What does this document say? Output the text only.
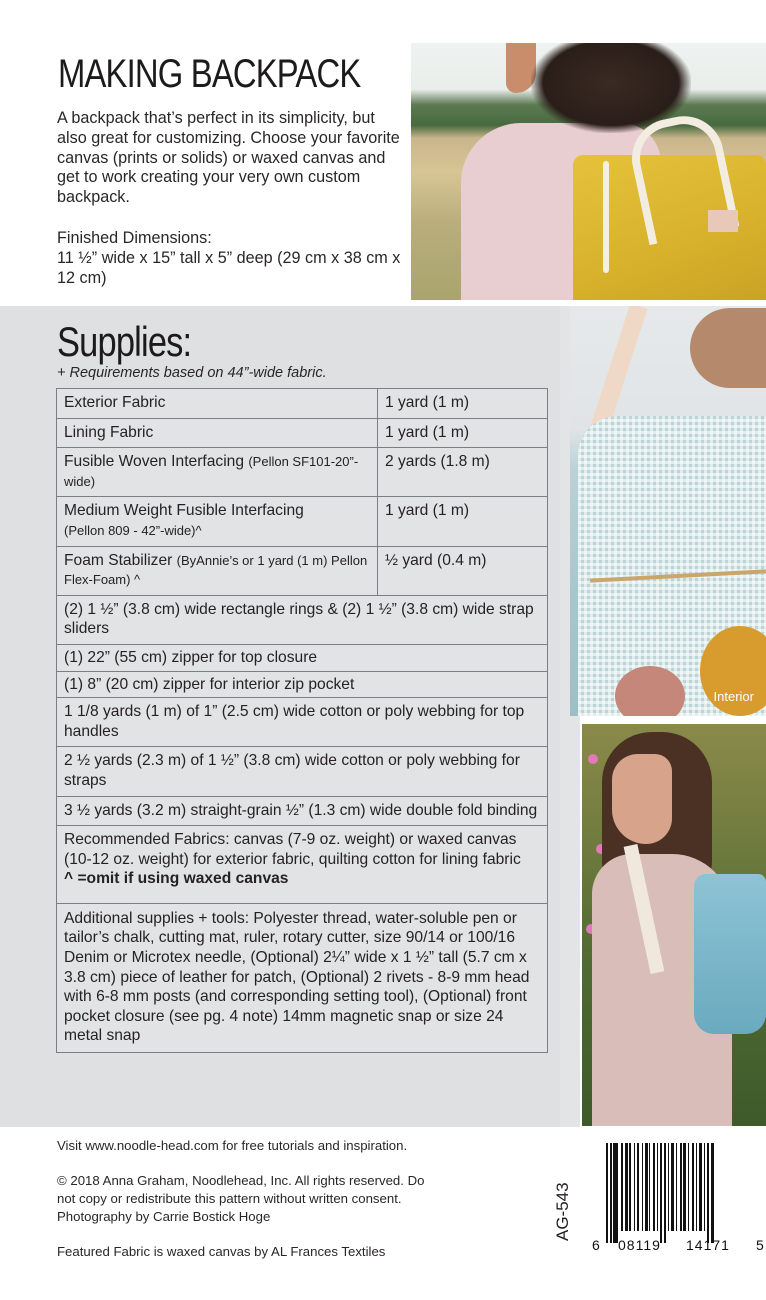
MAKING BACKPACK

A backpack that’s perfect in its simplicity, but also great for customizing. Choose your favorite canvas (prints or solids) or waxed canvas and get to work creating your very own custom backpack.

Finished Dimensions:

11 ½” wide x 15” tall x 5” deep (29 cm x 38 cm x 12 cm)

Supplies:

+ Requirements based on 44”-wide fabric.

Exterior Fabric	1 yard (1 m)
Lining Fabric	1 yard (1 m)
Fusible Woven Interfacing (Pellon SF101-20”-wide)	2 yards (1.8 m)
Medium Weight Fusible Interfacing
(Pellon 809 - 42”-wide)^	1 yard (1 m)
Foam Stabilizer (ByAnnie’s or 1 yard (1 m) Pellon Flex-Foam) ^	½ yard (0.4 m)
(2) 1 ½” (3.8 cm) wide rectangle rings & (2) 1 ½” (3.8 cm) wide strap sliders	
(1) 22” (55 cm) zipper for top closure	
(1) 8” (20 cm) zipper for interior zip pocket	
1 1/8 yards (1 m) of 1” (2.5 cm) wide cotton or poly webbing for top handles	
2 ½ yards (2.3 m) of 1 ½” (3.8 cm) wide cotton or poly webbing for straps	
3 ½ yards (3.2 m) straight-grain ½” (1.3 cm) wide double fold binding	
Recommended Fabrics: canvas (7-9 oz. weight) or waxed canvas (10-12 oz. weight) for exterior fabric, quilting cotton for lining fabric
^ =omit if using waxed canvas	

Additional supplies + tools: Polyester thread, water-soluble pen or tailor’s chalk, cutting mat, ruler, rotary cutter, size 90/14 or 100/16 Denim or Microtex needle, (Optional) 2¼” wide x 1 ½” tall (5.7 cm x 3.8 cm) piece of leather for patch, (Optional) 2 rivets - 8-9 mm head with 6-8 mm posts (and corresponding setting tool), (Optional) front pocket closure (see pg. 4 note) 14mm magnetic snap or size 24 metal snap	
Interior

Visit www.noodle-head.com for free tutorials and inspiration.

© 2018 Anna Graham, Noodlehead, Inc. All rights reserved. Do

not copy or redistribute this pattern without written consent.

Photography by Carrie Bostick Hoge

Featured Fabric is waxed canvas by AL Frances Textiles

AG-543
6 08119 14171 5
